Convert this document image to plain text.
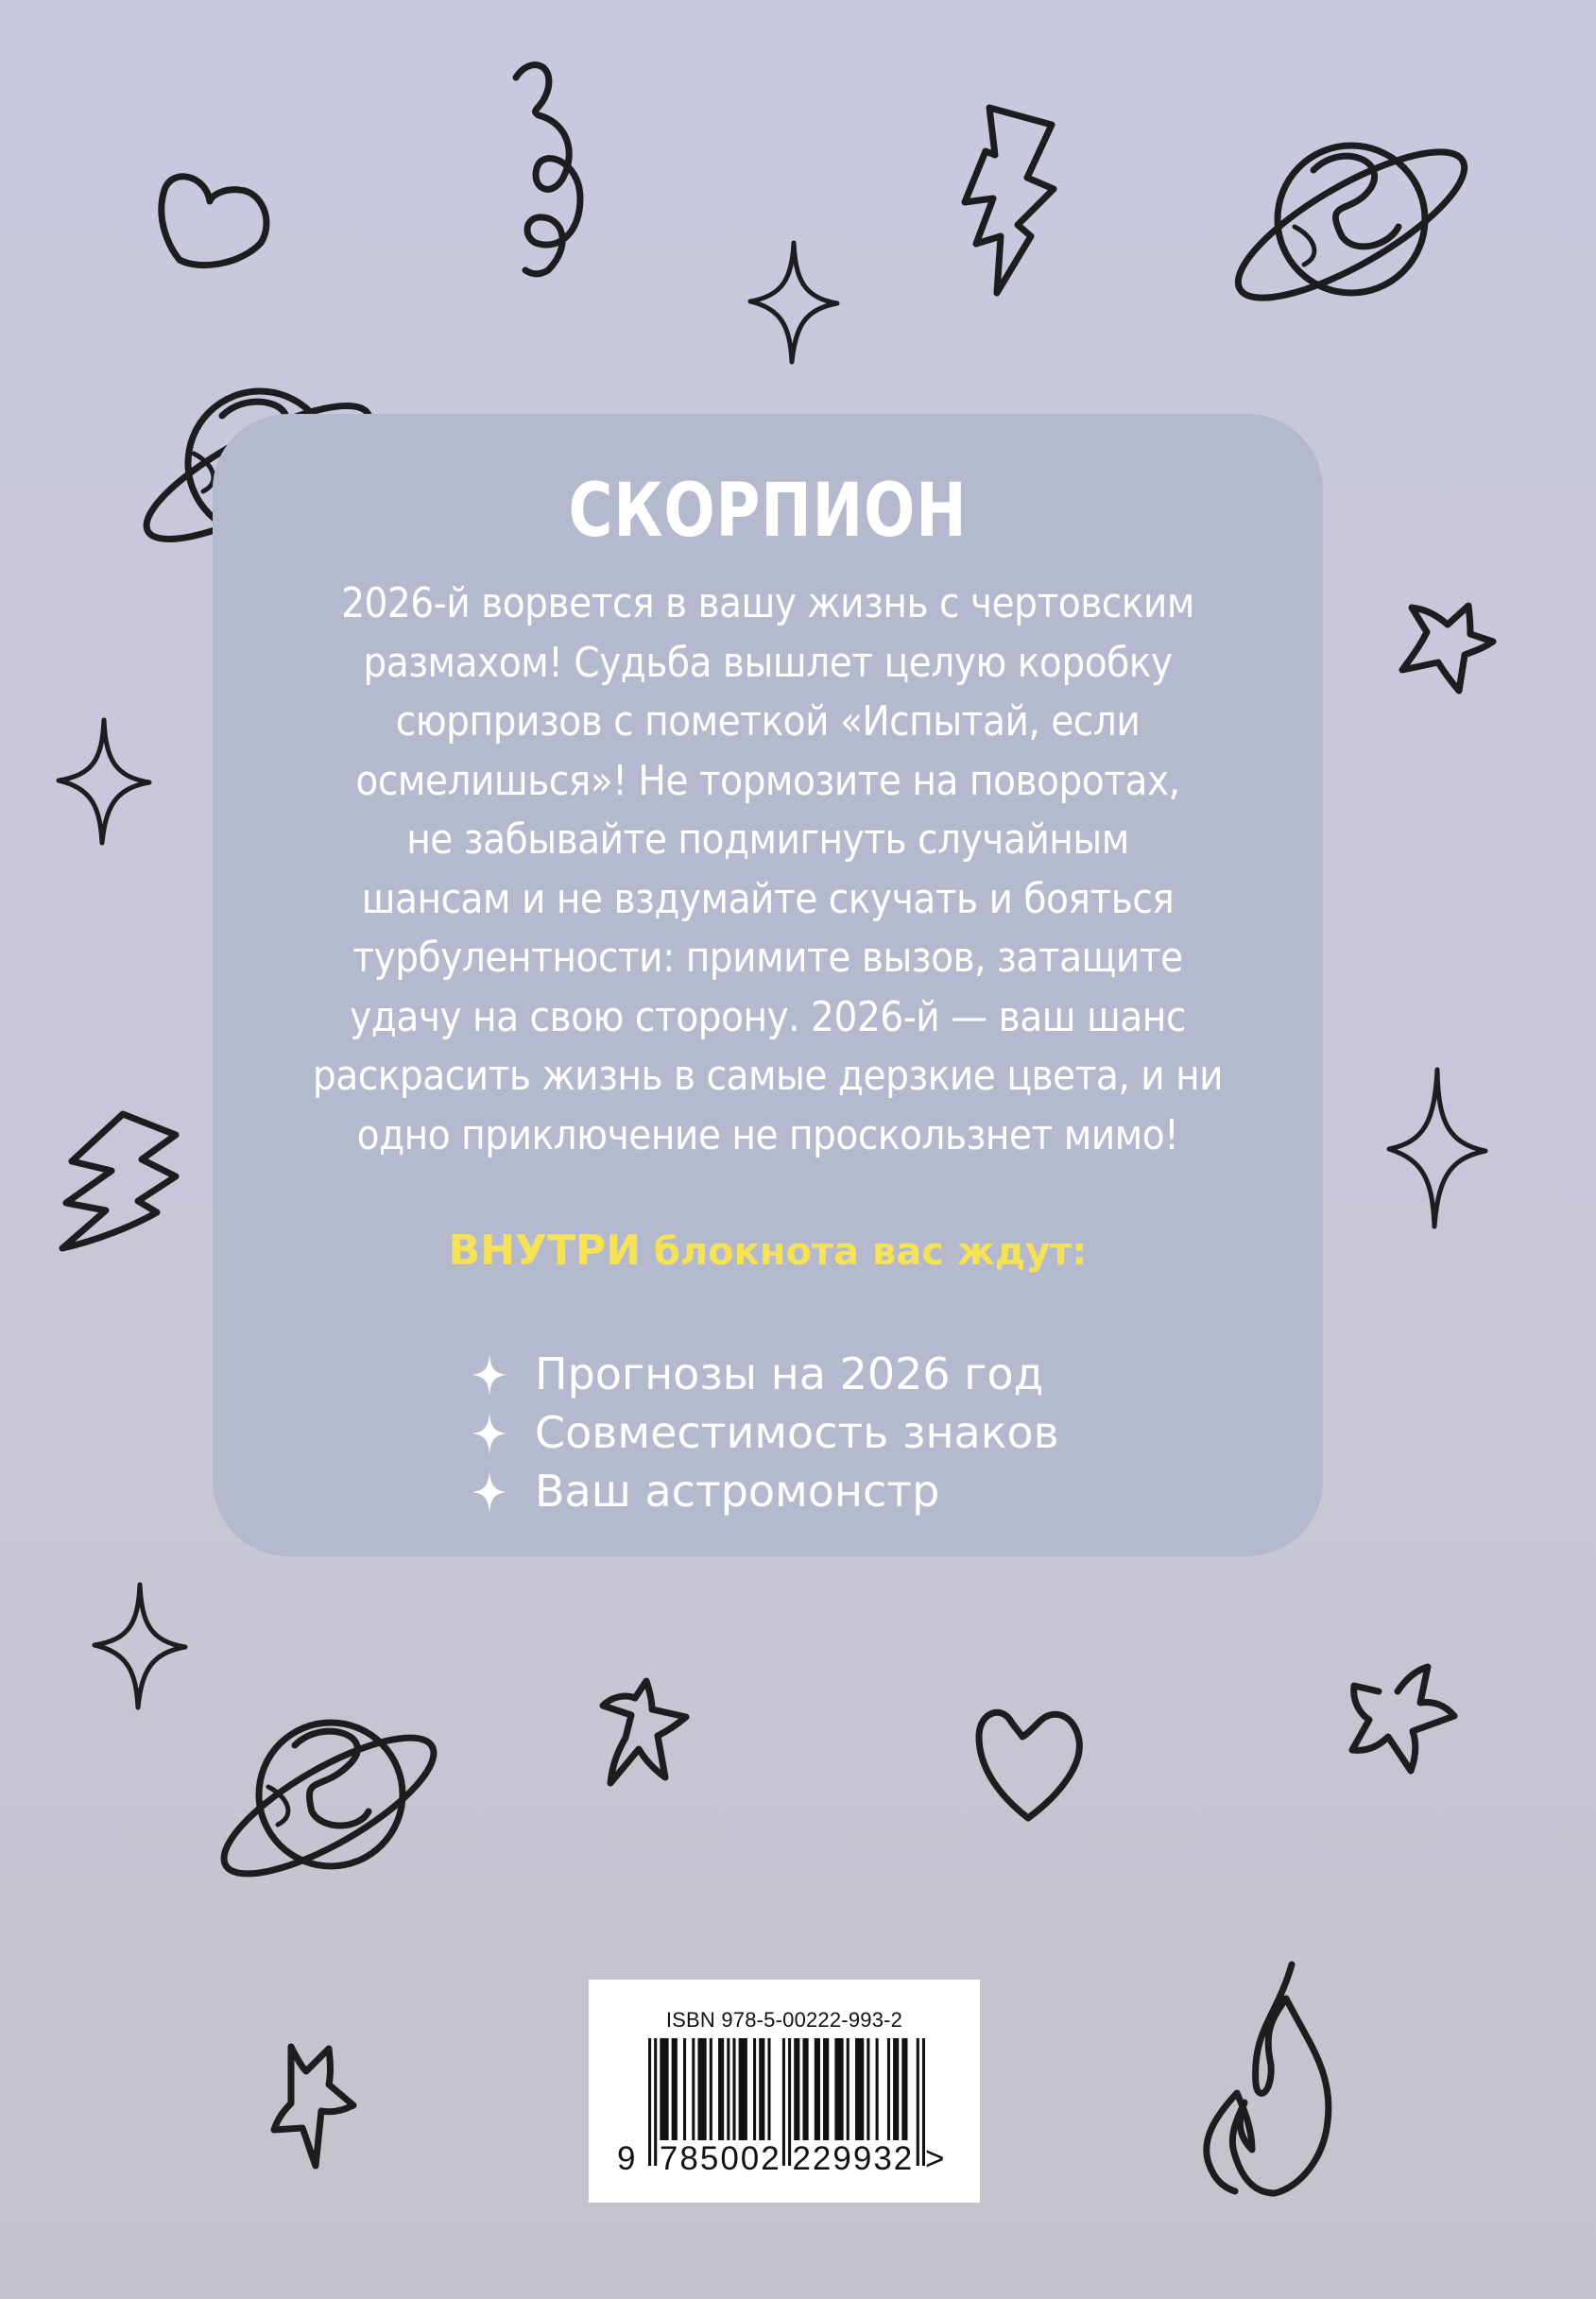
СКОРПИОН
2026-й ворвется в вашу жизнь с чертовским
размахом! Судьба вышлет целую коробку
сюрпризов с пометкой «Испытай, если
осмелишься»! Не тормозите на поворотах,
не забывайте подмигнуть случайным
шансам и не вздумайте скучать и бояться
турбулентности: примите вызов, затащите
удачу на свою сторону. 2026-й — ваш шанс
раскрасить жизнь в самые дерзкие цвета, и ни
одно приключение не проскользнет мимо!
ВНУТРИ блокнота вас ждут:
Прогнозы на 2026 год
Совместимость знаков
Ваш астромонстр
ISBN 978-5-00222-993-2
9 785002 229932 >
